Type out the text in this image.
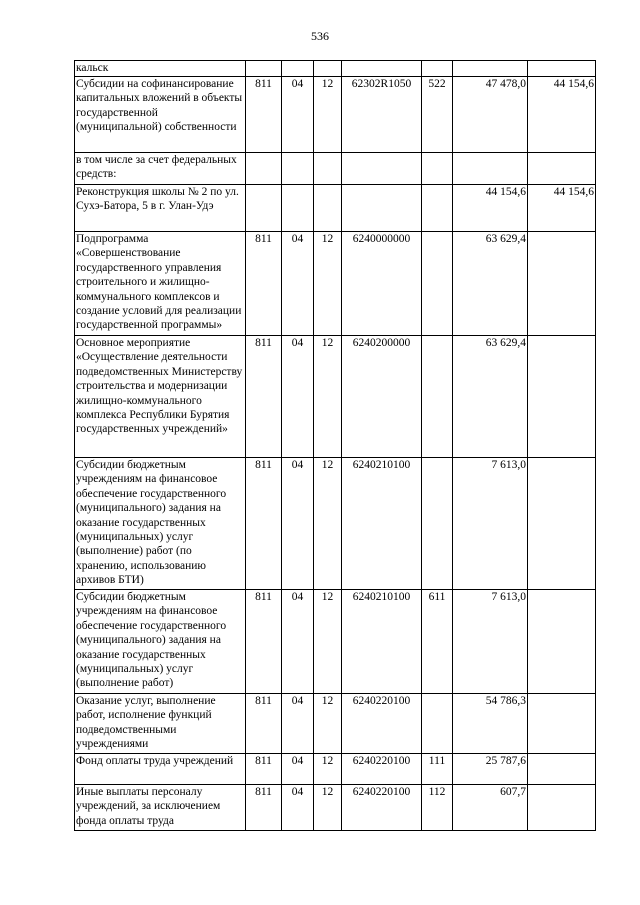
536
кальск							
Субсидии на софинансирование капитальных вложений в объекты государственной (муниципальной) собственности	811	04	12	62302R1050	522	47 478,0	44 154,6
в том числе за счет федеральных средств:							
Реконструкция школы № 2 по ул. Сухэ-Батора, 5 в г. Улан-Удэ						44 154,6	44 154,6
Подпрограмма «Совершенствование государственного управления строительного и жилищно-коммунального комплексов и создание условий для реализации государственной программы»	811	04	12	6240000000		63 629,4	
Основное мероприятие «Осуществление деятельности подведомственных Министерству строительства и модернизации жилищно-коммунального комплекса Республики Бурятия государственных учреждений»	811	04	12	6240200000		63 629,4	
Субсидии бюджетным учреждениям на финансовое обеспечение государственного (муниципального) задания на оказание государственных (муниципальных) услуг (выполнение) работ (по хранению, использованию архивов БТИ)	811	04	12	6240210100		7 613,0	
Субсидии бюджетным учреждениям на финансовое обеспечение государственного (муниципального) задания на оказание государственных (муниципальных) услуг (выполнение работ)	811	04	12	6240210100	611	7 613,0	
Оказание услуг, выполнение работ, исполнение функций подведомственными учреждениями	811	04	12	6240220100		54 786,3	
Фонд оплаты труда учреждений	811	04	12	6240220100	111	25 787,6	
Иные выплаты персоналу учреждений, за исключением фонда оплаты труда	811	04	12	6240220100	112	607,7	
